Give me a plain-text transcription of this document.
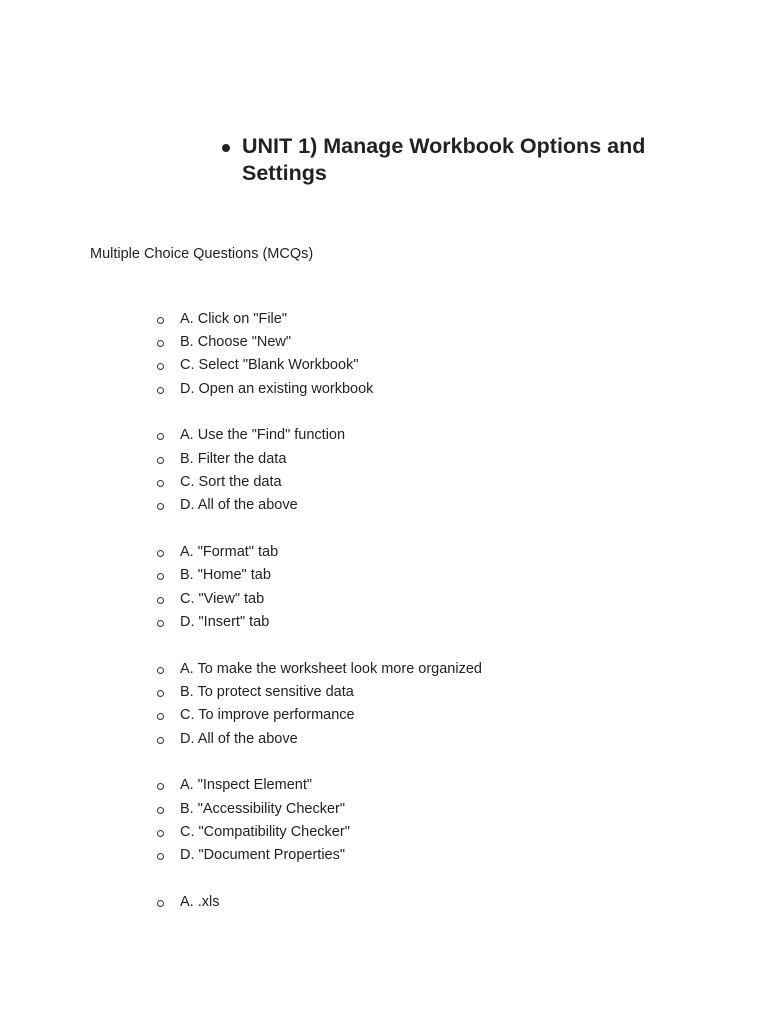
UNIT 1) Manage Workbook Options and Settings
Multiple Choice Questions (MCQs)
A. Click on "File"
B. Choose "New"
C. Select "Blank Workbook"
D. Open an existing workbook
A. Use the "Find" function
B. Filter the data
C. Sort the data
D. All of the above
A. "Format" tab
B. "Home" tab
C. "View" tab
D. "Insert" tab
A. To make the worksheet look more organized
B. To protect sensitive data
C. To improve performance
D. All of the above
A. "Inspect Element"
B. "Accessibility Checker"
C. "Compatibility Checker"
D. "Document Properties"
A. .xls
